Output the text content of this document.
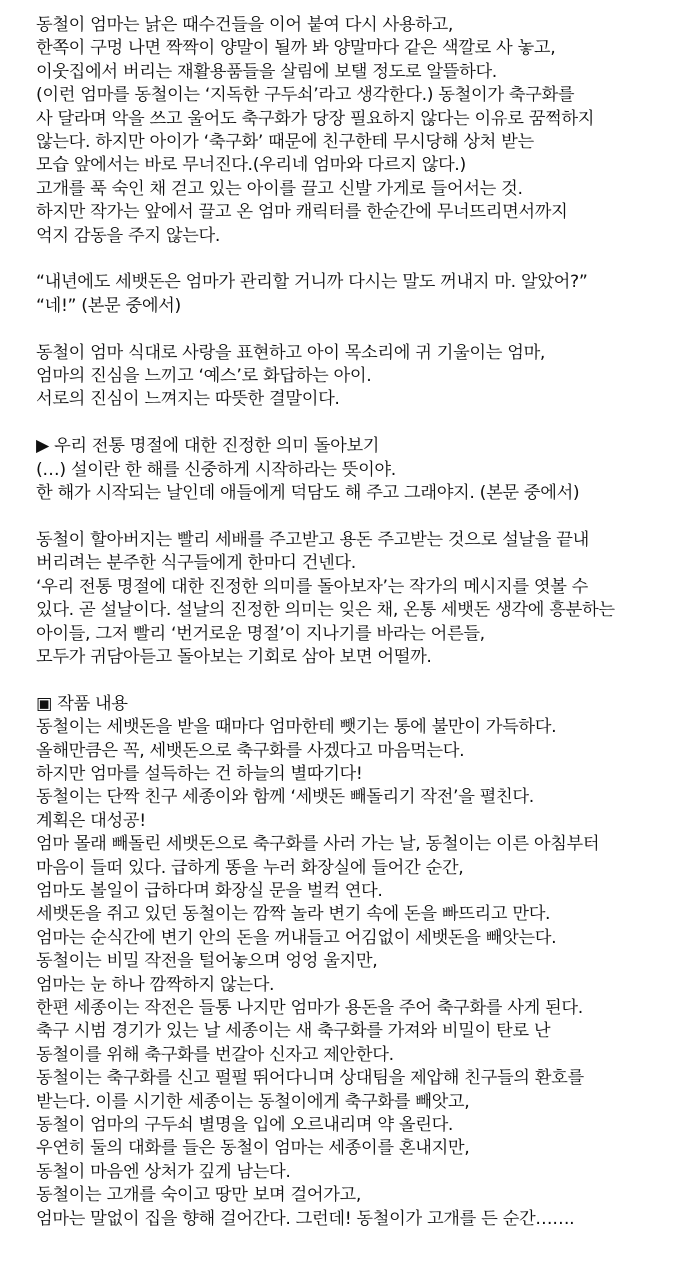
동철이 엄마는 낡은 때수건들을 이어 붙여 다시 사용하고,
한쪽이 구멍 나면 짝짝이 양말이 될까 봐 양말마다 같은 색깔로 사 놓고,
이웃집에서 버리는 재활용품들을 살림에 보탤 정도로 알뜰하다.
(이런 엄마를 동철이는 ‘지독한 구두쇠’라고 생각한다.) 동철이가 축구화를
사 달라며 악을 쓰고 울어도 축구화가 당장 필요하지 않다는 이유로 꿈쩍하지
않는다. 하지만 아이가 ‘축구화’ 때문에 친구한테 무시당해 상처 받는
모습 앞에서는 바로 무너진다.(우리네 엄마와 다르지 않다.)
고개를 푹 숙인 채 걷고 있는 아이를 끌고 신발 가게로 들어서는 것.
하지만 작가는 앞에서 끌고 온 엄마 캐릭터를 한순간에 무너뜨리면서까지
억지 감동을 주지 않는다.
“내년에도 세뱃돈은 엄마가 관리할 거니까 다시는 말도 꺼내지 마. 알았어?”
“네!” (본문 중에서)
동철이 엄마 식대로 사랑을 표현하고 아이 목소리에 귀 기울이는 엄마,
엄마의 진심을 느끼고 ‘예스’로 화답하는 아이.
서로의 진심이 느껴지는 따뜻한 결말이다.
▶ 우리 전통 명절에 대한 진정한 의미 돌아보기
(…) 설이란 한 해를 신중하게 시작하라는 뜻이야.
한 해가 시작되는 날인데 애들에게 덕담도 해 주고 그래야지. (본문 중에서)
동철이 할아버지는 빨리 세배를 주고받고 용돈 주고받는 것으로 설날을 끝내
버리려는 분주한 식구들에게 한마디 건넨다.
‘우리 전통 명절에 대한 진정한 의미를 돌아보자’는 작가의 메시지를 엿볼 수
있다. 곧 설날이다. 설날의 진정한 의미는 잊은 채, 온통 세뱃돈 생각에 흥분하는
아이들, 그저 빨리 ‘번거로운 명절’이 지나기를 바라는 어른들,
모두가 귀담아듣고 돌아보는 기회로 삼아 보면 어떨까.
▣ 작품 내용
동철이는 세뱃돈을 받을 때마다 엄마한테 뺏기는 통에 불만이 가득하다.
올해만큼은 꼭, 세뱃돈으로 축구화를 사겠다고 마음먹는다.
하지만 엄마를 설득하는 건 하늘의 별따기다!
동철이는 단짝 친구 세종이와 함께 ‘세뱃돈 빼돌리기 작전’을 펼친다.
계획은 대성공!
엄마 몰래 빼돌린 세뱃돈으로 축구화를 사러 가는 날, 동철이는 이른 아침부터
마음이 들떠 있다. 급하게 똥을 누러 화장실에 들어간 순간,
엄마도 볼일이 급하다며 화장실 문을 벌컥 연다.
세뱃돈을 쥐고 있던 동철이는 깜짝 놀라 변기 속에 돈을 빠뜨리고 만다.
엄마는 순식간에 변기 안의 돈을 꺼내들고 어김없이 세뱃돈을 빼앗는다.
동철이는 비밀 작전을 털어놓으며 엉엉 울지만,
엄마는 눈 하나 깜짝하지 않는다.
한편 세종이는 작전은 들통 나지만 엄마가 용돈을 주어 축구화를 사게 된다.
축구 시범 경기가 있는 날 세종이는 새 축구화를 가져와 비밀이 탄로 난
동철이를 위해 축구화를 번갈아 신자고 제안한다.
동철이는 축구화를 신고 펄펄 뛰어다니며 상대팀을 제압해 친구들의 환호를
받는다. 이를 시기한 세종이는 동철이에게 축구화를 빼앗고,
동철이 엄마의 구두쇠 별명을 입에 오르내리며 약 올린다.
우연히 둘의 대화를 들은 동철이 엄마는 세종이를 혼내지만,
동철이 마음엔 상처가 깊게 남는다.
동철이는 고개를 숙이고 땅만 보며 걸어가고,
엄마는 말없이 집을 향해 걸어간다. 그런데! 동철이가 고개를 든 순간…….
